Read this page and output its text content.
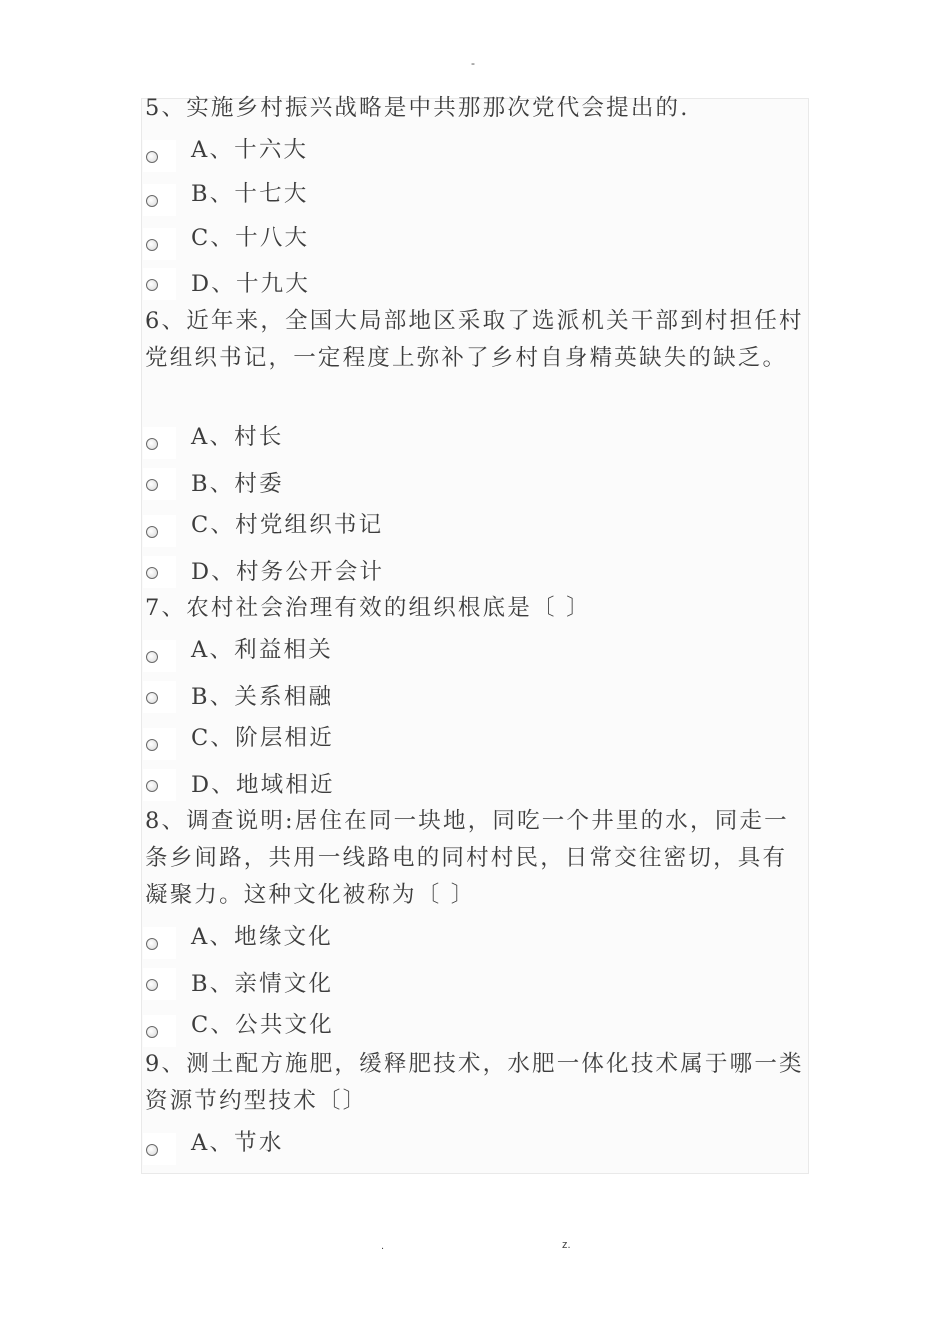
-
5、实施乡村振兴战略是中共那那次党代会提出的.
A、十六大
B、十七大
C、十八大
D、十九大
6、近年来，全国大局部地区采取了选派机关干部到村担任村党组织书记，一定程度上弥补了乡村自身精英缺失的缺乏。
A、村长
B、村委
C、村党组织书记
D、村务公开会计
7、农村社会治理有效的组织根底是〔 〕
A、利益相关
B、关系相融
C、阶层相近
D、地域相近
8、调查说明:居住在同一块地，同吃一个井里的水，同走一条乡间路，共用一线路电的同村村民，日常交往密切，具有凝聚力。这种文化被称为〔 〕
A、地缘文化
B、亲情文化
C、公共文化
9、测土配方施肥，缓释肥技术，水肥一体化技术属于哪一类资源节约型技术〔〕
A、节水
.	z.
